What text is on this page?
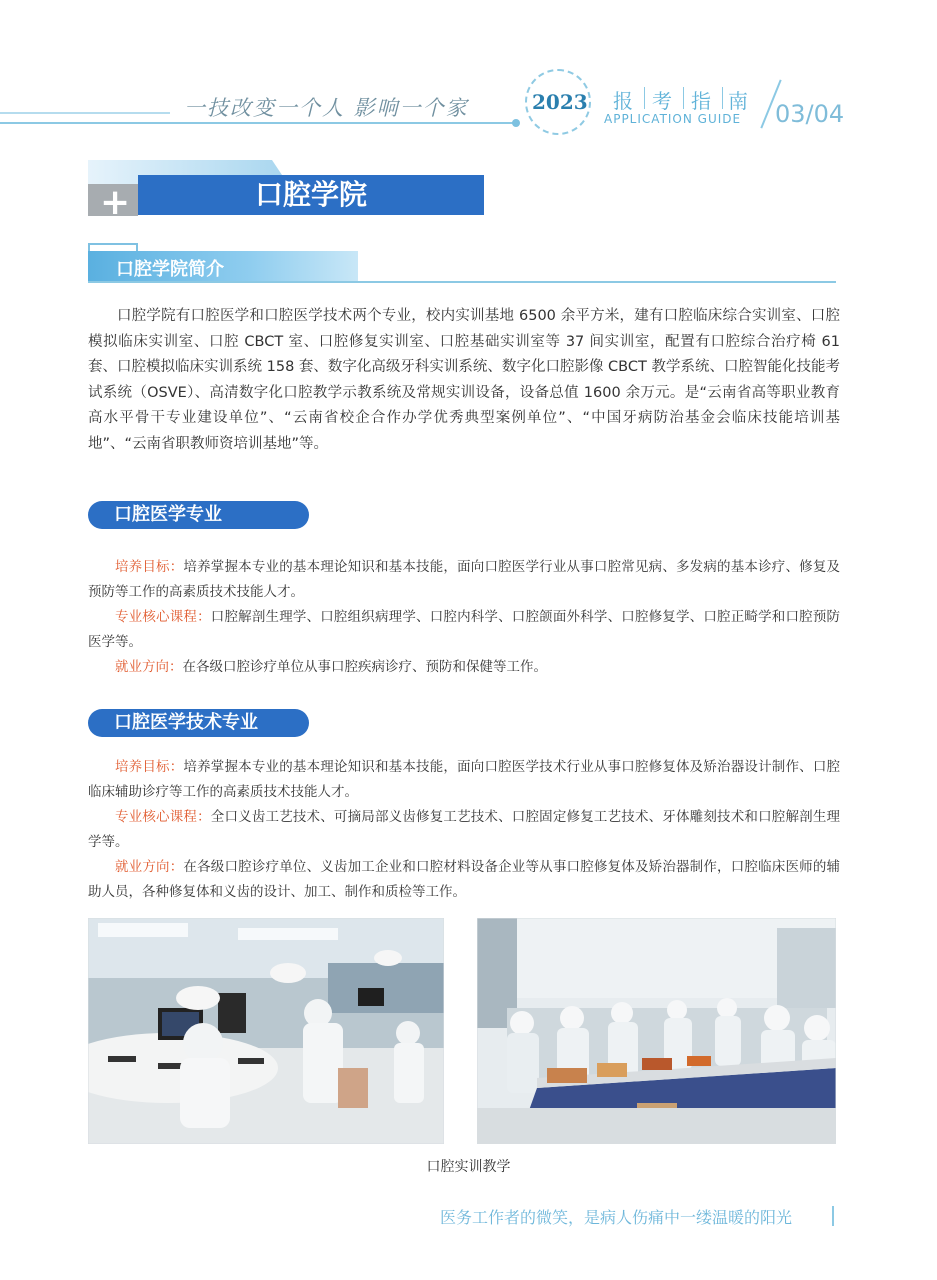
一技改变一个人 影响一个家	2023 报 考 指 南
APPLICATION GUIDE 03/04
+	口腔学院
口腔学院简介

口腔学院有口腔医学和口腔医学技术两个专业，校内实训基地 6500 余平方米，建有口腔临床综合实训室、口腔模拟临床实训室、口腔 CBCT 室、口腔修复实训室、口腔基础实训室等 37 间实训室，配置有口腔综合治疗椅 61 套、口腔模拟临床实训系统 158 套、数字化高级牙科实训系统、数字化口腔影像 CBCT 教学系统、口腔智能化技能考试系统（OSVE）、高清数字化口腔教学示教系统及常规实训设备，设备总值 1600 余万元。是“云南省高等职业教育高水平骨干专业建设单位”、“云南省校企合作办学优秀典型案例单位”、“中国牙病防治基金会临床技能培训基地”、“云南省职教师资培训基地”等。

口腔医学专业

培养目标：培养掌握本专业的基本理论知识和基本技能，面向口腔医学行业从事口腔常见病、多发病的基本诊疗、修复及预防等工作的高素质技术技能人才。

专业核心课程：口腔解剖生理学、口腔组织病理学、口腔内科学、口腔颌面外科学、口腔修复学、口腔正畸学和口腔预防医学等。

就业方向：在各级口腔诊疗单位从事口腔疾病诊疗、预防和保健等工作。

口腔医学技术专业

培养目标：培养掌握本专业的基本理论知识和基本技能，面向口腔医学技术行业从事口腔修复体及矫治器设计制作、口腔临床辅助诊疗等工作的高素质技术技能人才。

专业核心课程：全口义齿工艺技术、可摘局部义齿修复工艺技术、口腔固定修复工艺技术、牙体雕刻技术和口腔解剖生理学等。

就业方向：在各级口腔诊疗单位、义齿加工企业和口腔材料设备企业等从事口腔修复体及矫治器制作，口腔临床医师的辅助人员，各种修复体和义齿的设计、加工、制作和质检等工作。

口腔实训教学
医务工作者的微笑，是病人伤痛中一缕温暖的阳光
